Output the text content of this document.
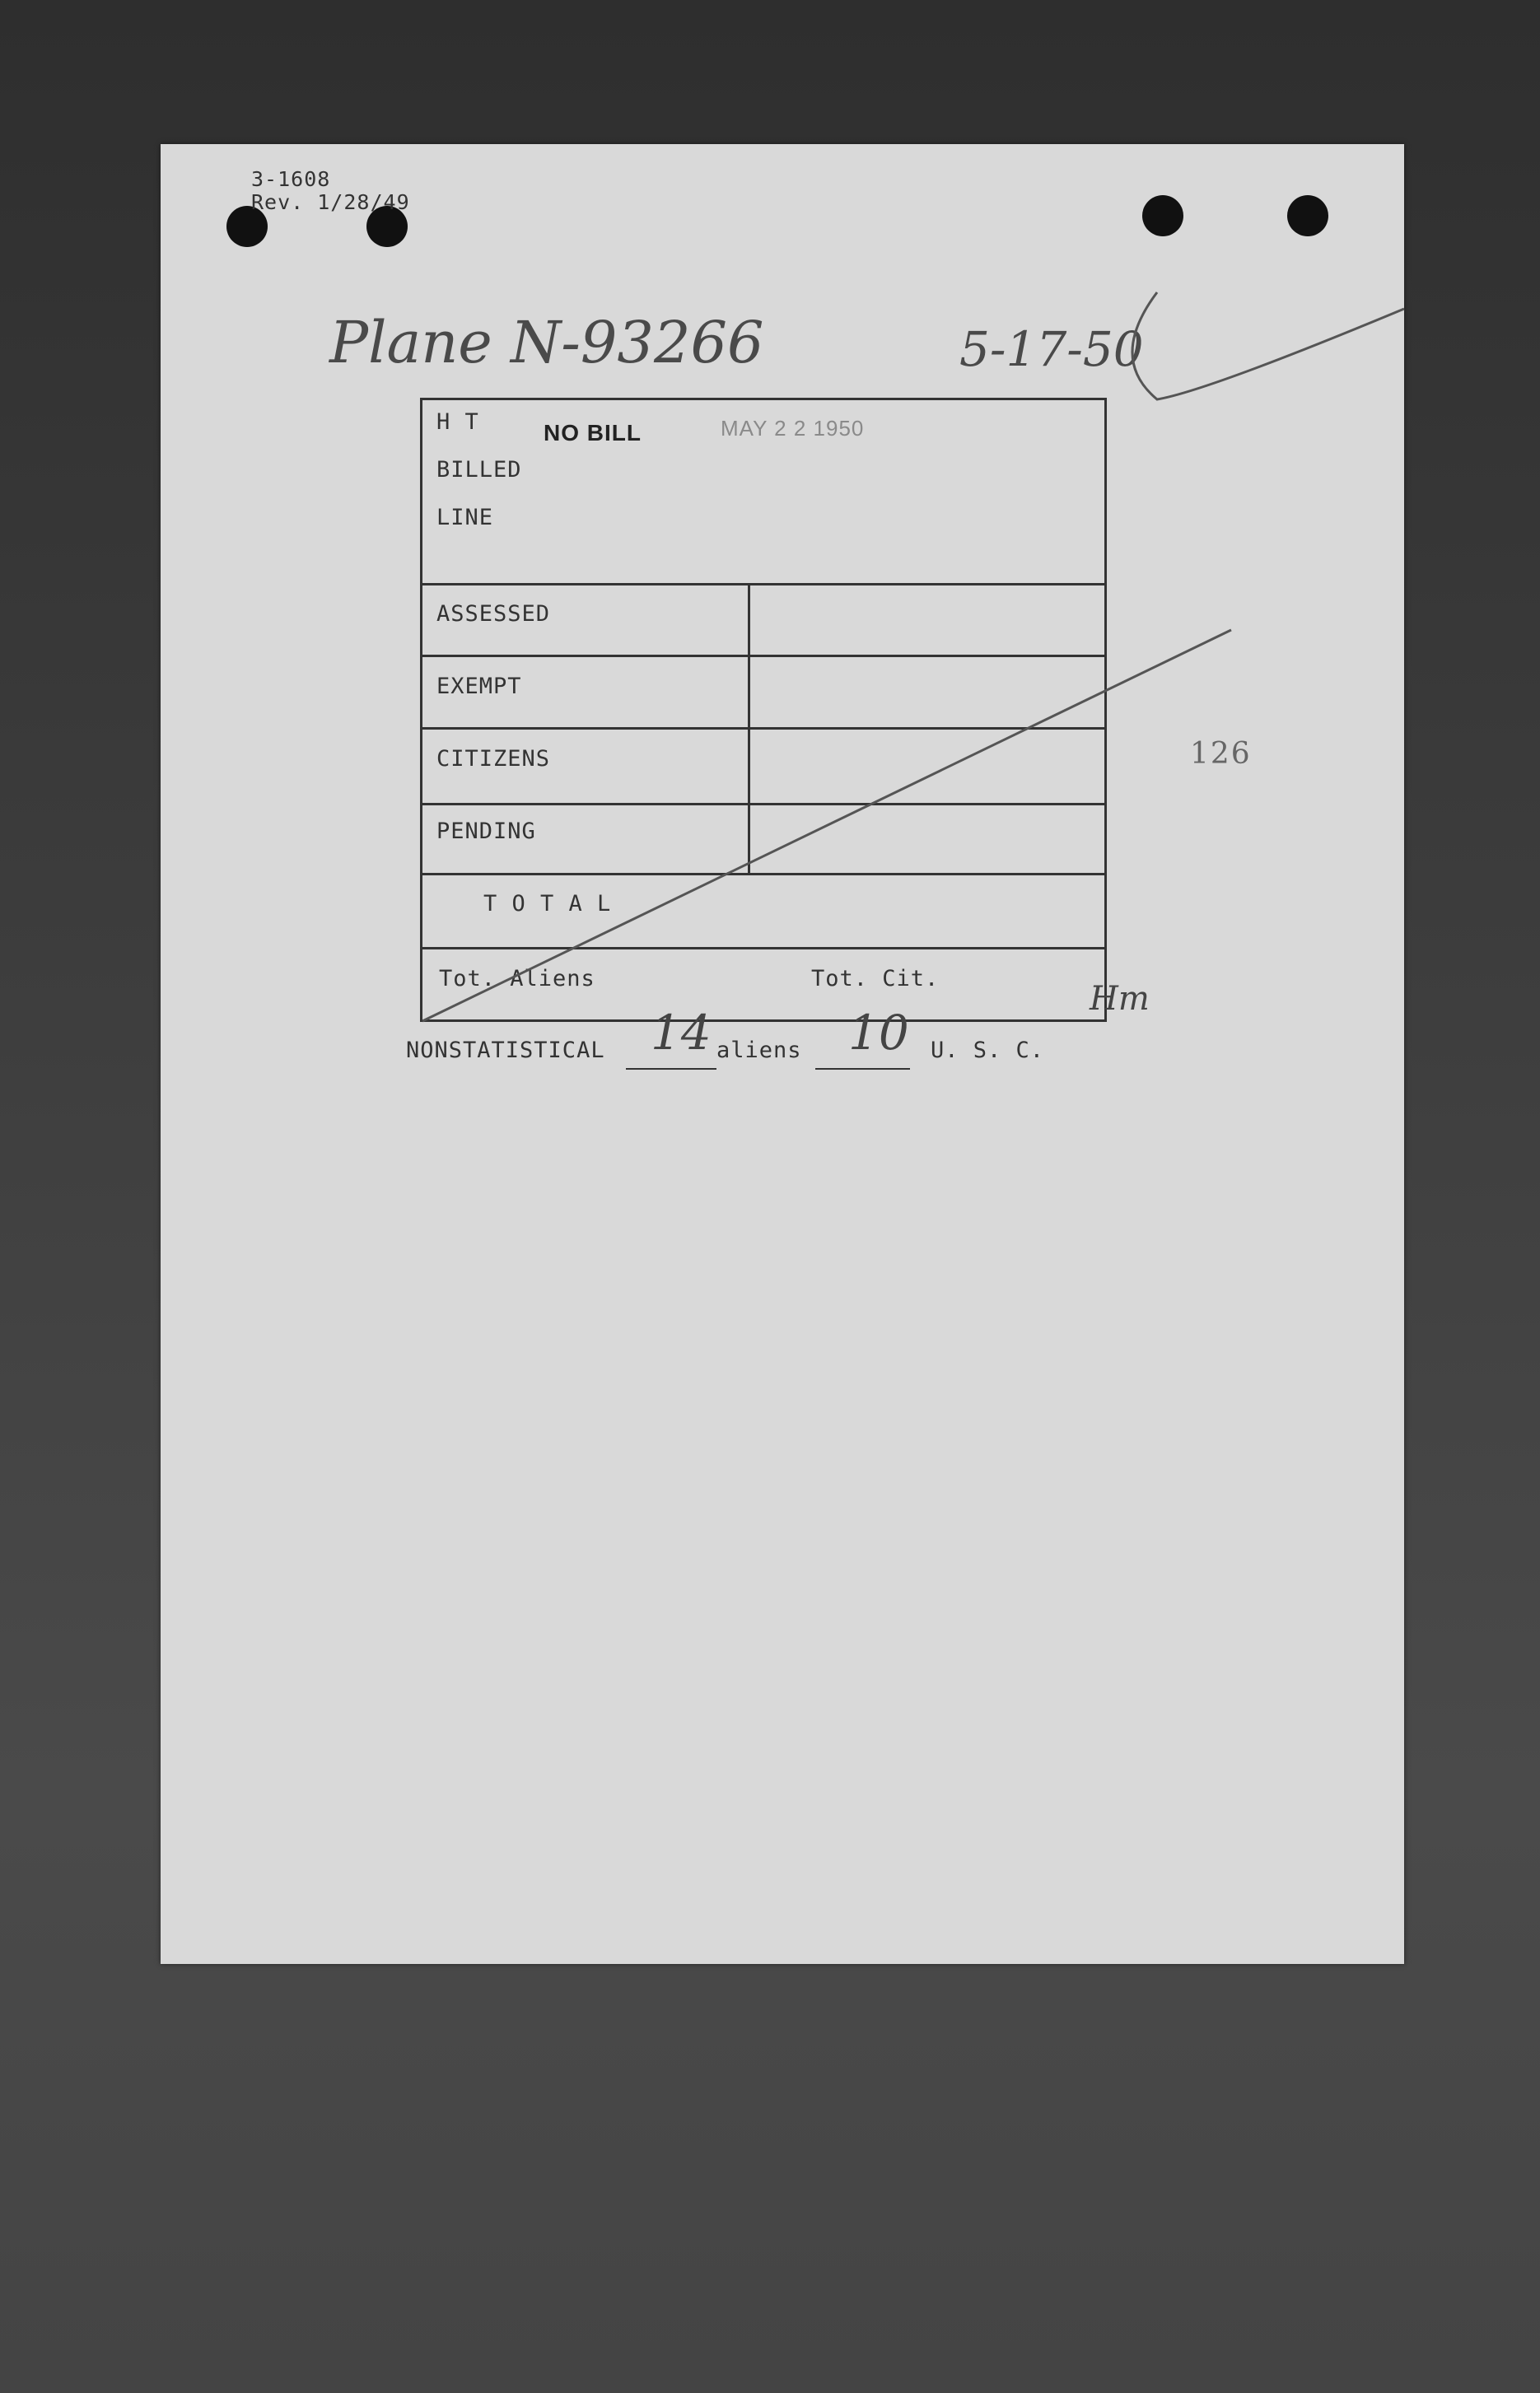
3-1608
Rev. 1/28/49
Plane N-93266	5-17-50
126
NO BILL	MAY 2 2 1950
H T
BILLED
LINE
ASSESSED
EXEMPT
CITIZENS
PENDING
T O T A L
Tot. Aliens	Tot. Cit.
Hm
NONSTATISTICAL 14 aliens 10 U. S. C.
